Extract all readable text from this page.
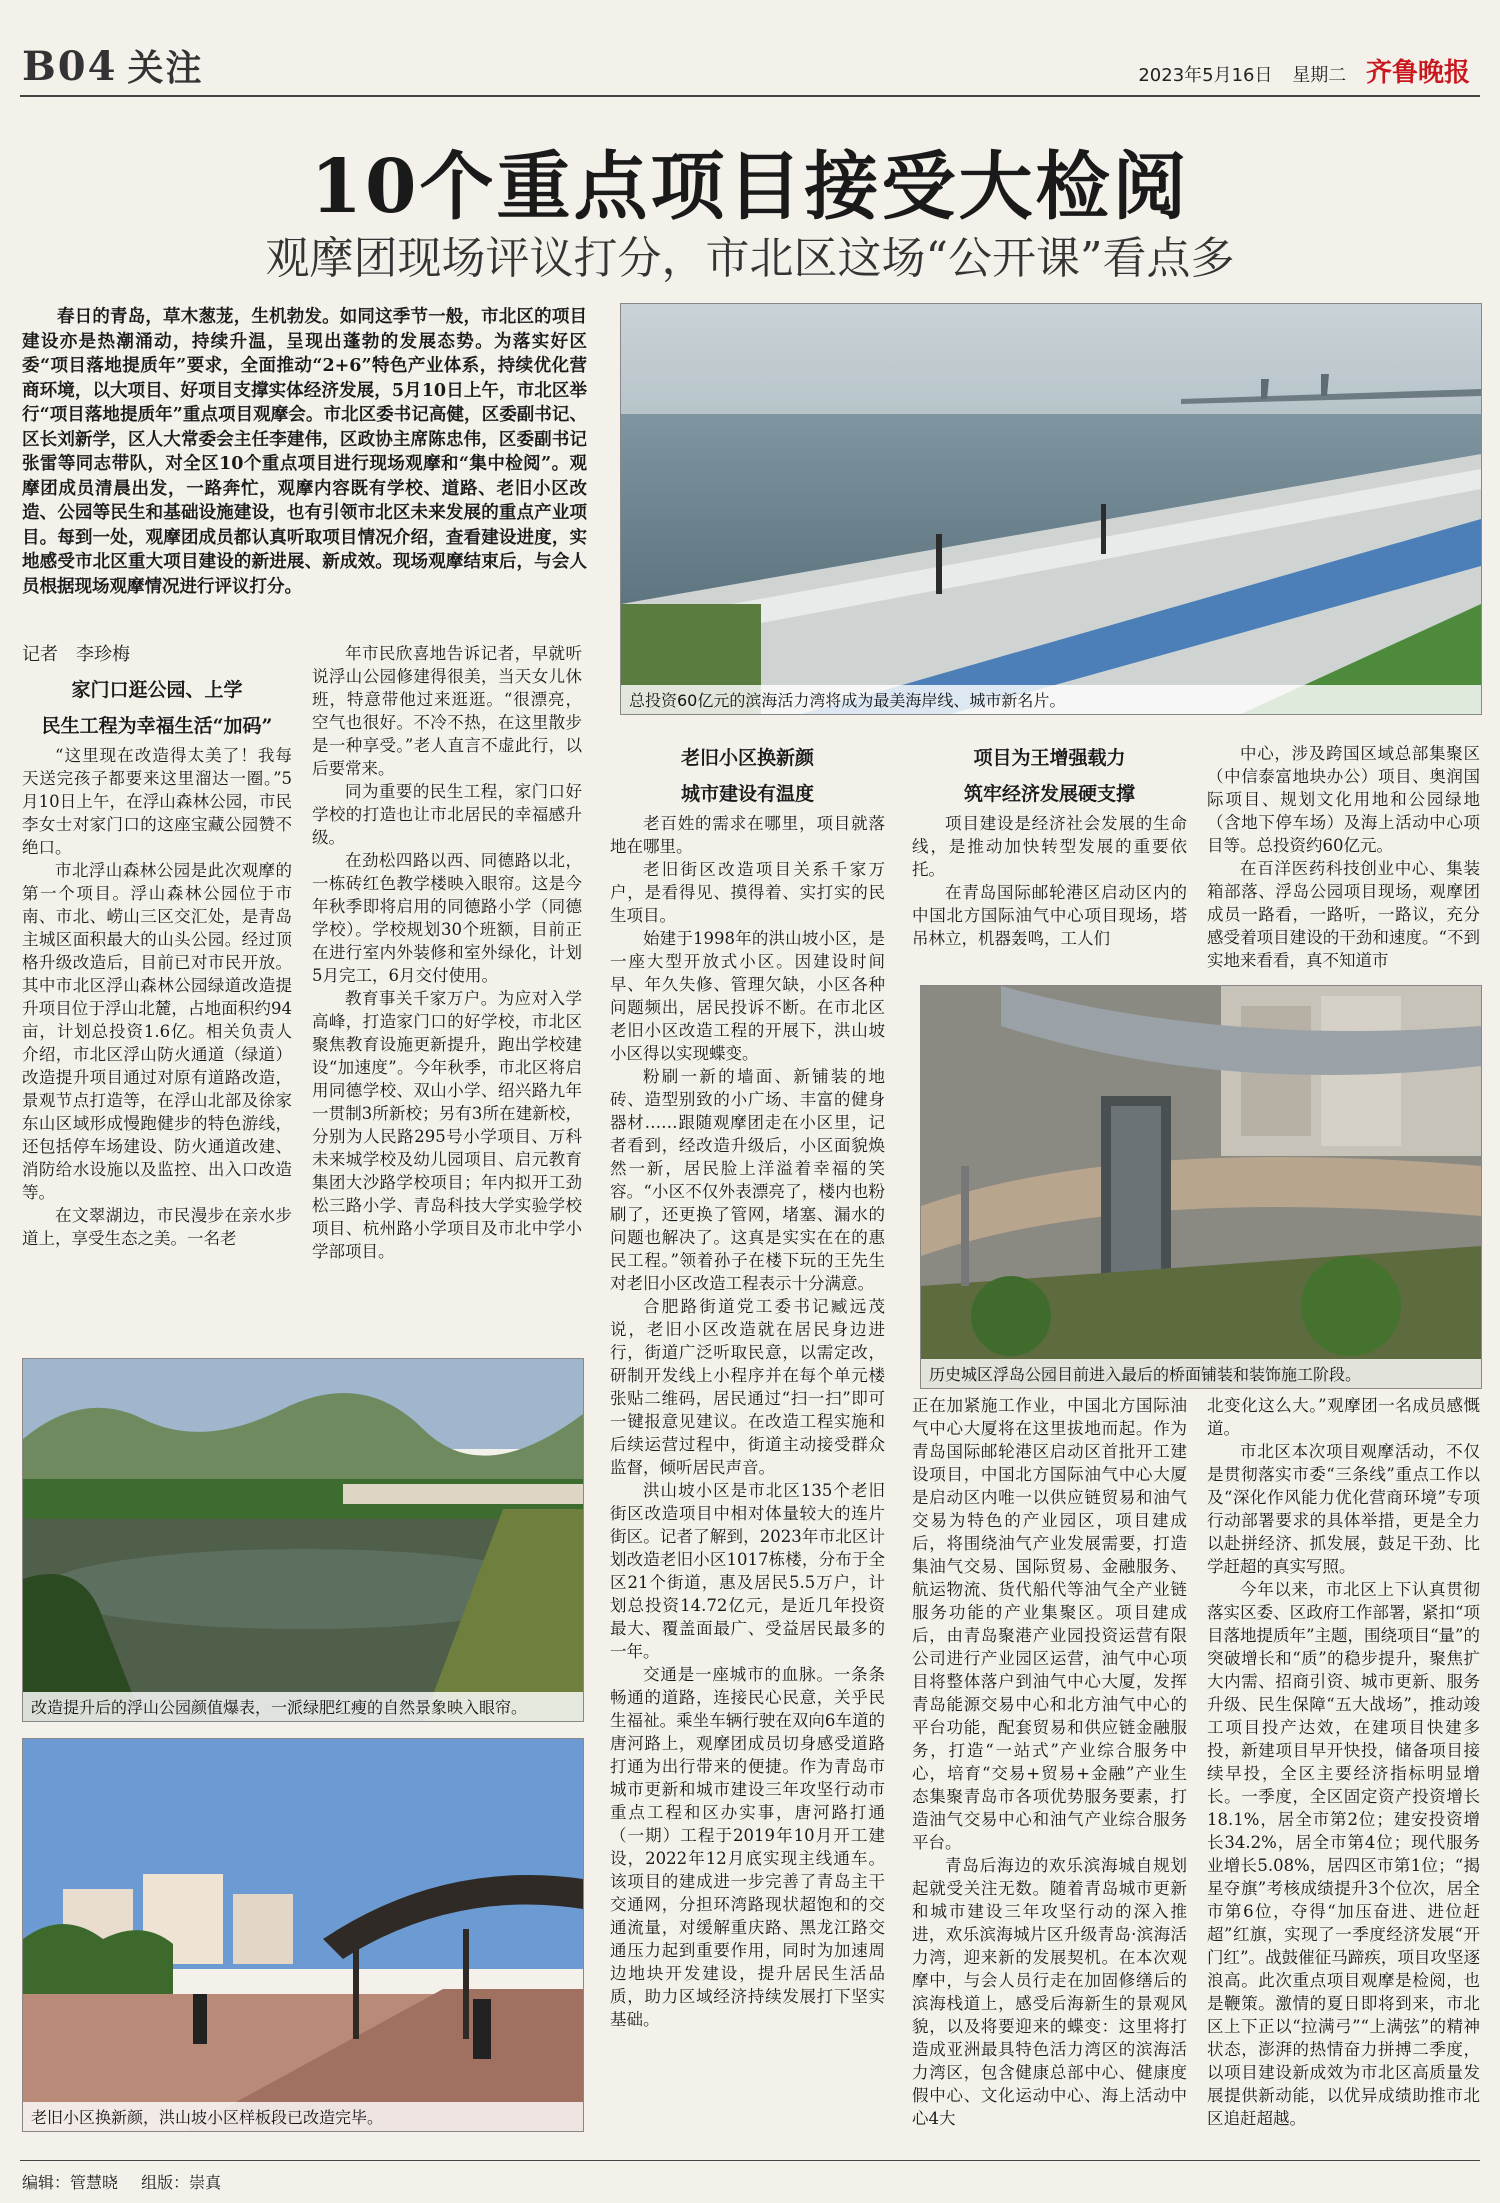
B04 关注	2023年5月16日 星期二 齐鲁晚报
10个重点项目接受大检阅
观摩团现场评议打分，市北区这场“公开课”看点多

春日的青岛，草木葱茏，生机勃发。如同这季节一般，市北区的项目建设亦是热潮涌动，持续升温，呈现出蓬勃的发展态势。为落实好区委“项目落地提质年”要求，全面推动“2+6”特色产业体系，持续优化营商环境，以大项目、好项目支撑实体经济发展，5月10日上午，市北区举行“项目落地提质年”重点项目观摩会。市北区委书记高健，区委副书记、区长刘新学，区人大常委会主任李建伟，区政协主席陈忠伟，区委副书记张雷等同志带队，对全区10个重点项目进行现场观摩和“集中检阅”。观摩团成员清晨出发，一路奔忙，观摩内容既有学校、道路、老旧小区改造、公园等民生和基础设施建设，也有引领市北区未来发展的重点产业项目。每到一处，观摩团成员都认真听取项目情况介绍，查看建设进度，实地感受市北区重大项目建设的新进展、新成效。现场观摩结束后，与会人员根据现场观摩情况进行评议打分。

记者　李珍梅
总投资60亿元的滨海活力湾将成为最美海岸线、城市新名片。
家门口逛公园、上学
民生工程为幸福生活“加码”

“这里现在改造得太美了！我每天送完孩子都要来这里溜达一圈。”5月10日上午，在浮山森林公园，市民李女士对家门口的这座宝藏公园赞不绝口。

市北浮山森林公园是此次观摩的第一个项目。浮山森林公园位于市南、市北、崂山三区交汇处，是青岛主城区面积最大的山头公园。经过顶格升级改造后，目前已对市民开放。其中市北区浮山森林公园绿道改造提升项目位于浮山北麓，占地面积约94亩，计划总投资1.6亿。相关负责人介绍，市北区浮山防火通道（绿道）改造提升项目通过对原有道路改造，景观节点打造等，在浮山北部及徐家东山区域形成慢跑健步的特色游线，还包括停车场建设、防火通道改建、消防给水设施以及监控、出入口改造等。

在文翠湖边，市民漫步在亲水步道上，享受生态之美。一名老

年市民欣喜地告诉记者，早就听说浮山公园修建得很美，当天女儿休班，特意带他过来逛逛。“很漂亮，空气也很好。不冷不热，在这里散步是一种享受。”老人直言不虚此行，以后要常来。

同为重要的民生工程，家门口好学校的打造也让市北居民的幸福感升级。

在劲松四路以西、同德路以北，一栋砖红色教学楼映入眼帘。这是今年秋季即将启用的同德路小学（同德学校）。学校规划30个班额，目前正在进行室内外装修和室外绿化，计划5月完工，6月交付使用。

教育事关千家万户。为应对入学高峰，打造家门口的好学校，市北区聚焦教育设施更新提升，跑出学校建设“加速度”。今年秋季，市北区将启用同德学校、双山小学、绍兴路九年一贯制3所新校；另有3所在建新校，分别为人民路295号小学项目、万科未来城学校及幼儿园项目、启元教育集团大沙路学校项目；年内拟开工劲松三路小学、青岛科技大学实验学校项目、杭州路小学项目及市北中学小学部项目。

改造提升后的浮山公园颜值爆表，一派绿肥红瘦的自然景象映入眼帘。
老旧小区换新颜，洪山坡小区样板段已改造完毕。
老旧小区换新颜
城市建设有温度

老百姓的需求在哪里，项目就落地在哪里。

老旧街区改造项目关系千家万户，是看得见、摸得着、实打实的民生项目。

始建于1998年的洪山坡小区，是一座大型开放式小区。因建设时间早、年久失修、管理欠缺，小区各种问题频出，居民投诉不断。在市北区老旧小区改造工程的开展下，洪山坡小区得以实现蝶变。

粉刷一新的墙面、新铺装的地砖、造型别致的小广场、丰富的健身器材……跟随观摩团走在小区里，记者看到，经改造升级后，小区面貌焕然一新，居民脸上洋溢着幸福的笑容。“小区不仅外表漂亮了，楼内也粉刷了，还更换了管网，堵塞、漏水的问题也解决了。这真是实实在在的惠民工程。”领着孙子在楼下玩的王先生对老旧小区改造工程表示十分满意。

合肥路街道党工委书记臧远茂说，老旧小区改造就在居民身边进行，街道广泛听取民意，以需定改，研制开发线上小程序并在每个单元楼张贴二维码，居民通过“扫一扫”即可一键报意见建议。在改造工程实施和后续运营过程中，街道主动接受群众监督，倾听居民声音。

洪山坡小区是市北区135个老旧街区改造项目中相对体量较大的连片街区。记者了解到，2023年市北区计划改造老旧小区1017栋楼，分布于全区21个街道，惠及居民5.5万户，计划总投资14.72亿元，是近几年投资最大、覆盖面最广、受益居民最多的一年。

交通是一座城市的血脉。一条条畅通的道路，连接民心民意，关乎民生福祉。乘坐车辆行驶在双向6车道的唐河路上，观摩团成员切身感受道路打通为出行带来的便捷。作为青岛市城市更新和城市建设三年攻坚行动市重点工程和区办实事，唐河路打通（一期）工程于2019年10月开工建设，2022年12月底实现主线通车。该项目的建成进一步完善了青岛主干交通网，分担环湾路现状超饱和的交通流量，对缓解重庆路、黑龙江路交通压力起到重要作用，同时为加速周边地块开发建设，提升居民生活品质，助力区域经济持续发展打下坚实基础。

项目为王增强载力
筑牢经济发展硬支撑

项目建设是经济社会发展的生命线，是推动加快转型发展的重要依托。

在青岛国际邮轮港区启动区内的中国北方国际油气中心项目现场，塔吊林立，机器轰鸣，工人们

中心，涉及跨国区域总部集聚区（中信泰富地块办公）项目、奥润国际项目、规划文化用地和公园绿地（含地下停车场）及海上活动中心项目等。总投资约60亿元。

在百洋医药科技创业中心、集装箱部落、浮岛公园项目现场，观摩团成员一路看，一路听，一路议，充分感受着项目建设的干劲和速度。“不到实地来看看，真不知道市

历史城区浮岛公园目前进入最后的桥面铺装和装饰施工阶段。

正在加紧施工作业，中国北方国际油气中心大厦将在这里拔地而起。作为青岛国际邮轮港区启动区首批开工建设项目，中国北方国际油气中心大厦是启动区内唯一以供应链贸易和油气交易为特色的产业园区，项目建成后，将围绕油气产业发展需要，打造集油气交易、国际贸易、金融服务、航运物流、货代船代等油气全产业链服务功能的产业集聚区。项目建成后，由青岛聚港产业园投资运营有限公司进行产业园区运营，油气中心项目将整体落户到油气中心大厦，发挥青岛能源交易中心和北方油气中心的平台功能，配套贸易和供应链金融服务，打造“一站式”产业综合服务中心，培育“交易+贸易+金融”产业生态集聚青岛市各项优势服务要素，打造油气交易中心和油气产业综合服务平台。

青岛后海边的欢乐滨海城自规划起就受关注无数。随着青岛城市更新和城市建设三年攻坚行动的深入推进，欢乐滨海城片区升级青岛·滨海活力湾，迎来新的发展契机。在本次观摩中，与会人员行走在加固修缮后的滨海栈道上，感受后海新生的景观风貌，以及将要迎来的蝶变：这里将打造成亚洲最具特色活力湾区的滨海活力湾区，包含健康总部中心、健康度假中心、文化运动中心、海上活动中心4大

北变化这么大。”观摩团一名成员感慨道。

市北区本次项目观摩活动，不仅是贯彻落实市委“三条线”重点工作以及“深化作风能力优化营商环境”专项行动部署要求的具体举措，更是全力以赴拼经济、抓发展，鼓足干劲、比学赶超的真实写照。

今年以来，市北区上下认真贯彻落实区委、区政府工作部署，紧扣“项目落地提质年”主题，围绕项目“量”的突破增长和“质”的稳步提升，聚焦扩大内需、招商引资、城市更新、服务升级、民生保障“五大战场”，推动竣工项目投产达效，在建项目快建多投，新建项目早开快投，储备项目接续早投，全区主要经济指标明显增长。一季度，全区固定资产投资增长18.1%，居全市第2位；建安投资增长34.2%，居全市第4位；现代服务业增长5.08%，居四区市第1位；“揭星夺旗”考核成绩提升3个位次，居全市第6位，夺得“加压奋进、进位赶超”红旗，实现了一季度经济发展“开门红”。战鼓催征马蹄疾，项目攻坚逐浪高。此次重点项目观摩是检阅，也是鞭策。激情的夏日即将到来，市北区上下正以“拉满弓”“上满弦”的精神状态，澎湃的热情奋力拼搏二季度，以项目建设新成效为市北区高质量发展提供新动能，以优异成绩助推市北区追赶超越。

编辑：管慧晓 组版：崇真
